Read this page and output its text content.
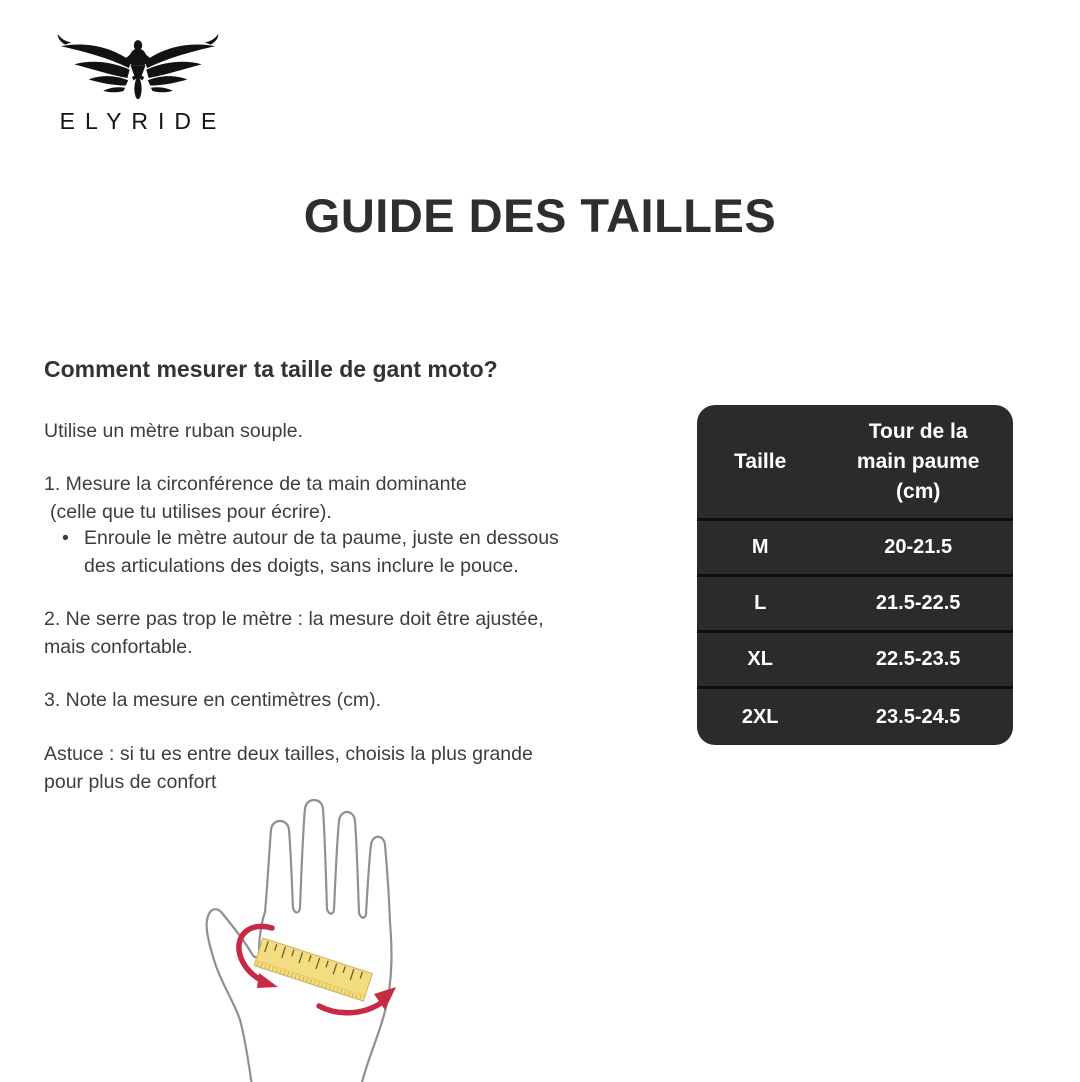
ELYRIDE
GUIDE DES TAILLES
Comment mesurer ta taille de gant moto?
Utilise un mètre ruban souple.
1. Mesure la circonférence de ta main dominante
(celle que tu utilises pour écrire).
• Enroule le mètre autour de ta paume, juste en dessous
des articulations des doigts, sans inclure le pouce.
2. Ne serre pas trop le mètre : la mesure doit être ajustée,
mais confortable.
3. Note la mesure en centimètres (cm).
Astuce : si tu es entre deux tailles, choisis la plus grande
pour plus de confort
Taille
Tour de la main paume (cm)
M	20-21.5
L	21.5-22.5
XL	22.5-23.5
2XL	23.5-24.5
